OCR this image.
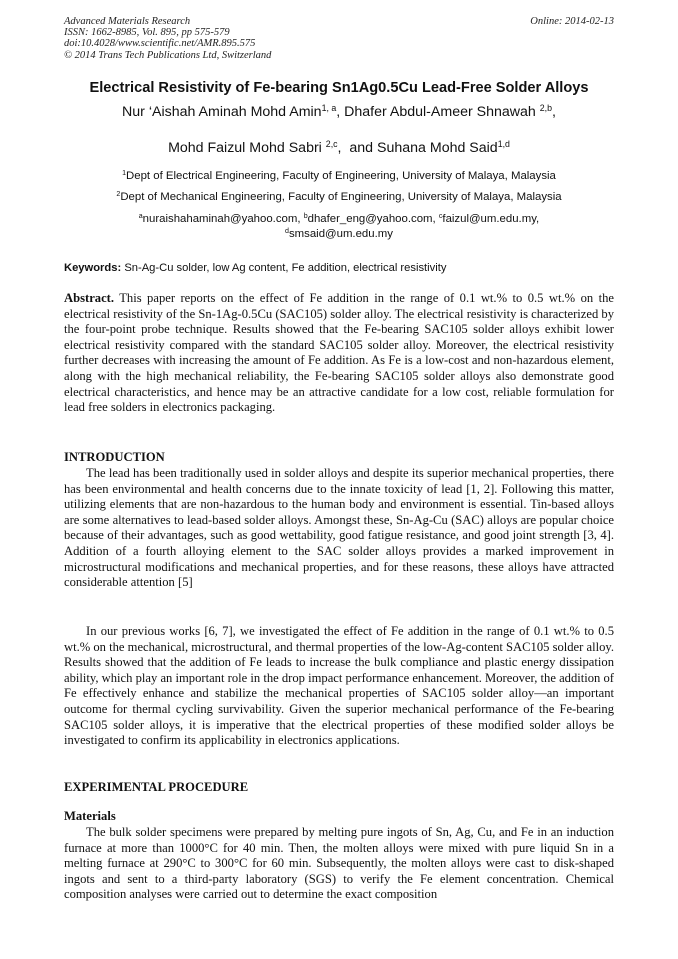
Advanced Materials Research
ISSN: 1662-8985, Vol. 895, pp 575-579
doi:10.4028/www.scientific.net/AMR.895.575
© 2014 Trans Tech Publications Ltd, Switzerland
Online: 2014-02-13
Electrical Resistivity of Fe-bearing Sn1Ag0.5Cu Lead-Free Solder Alloys
Nur ‘Aishah Aminah Mohd Amin$^{1, a}$, Dhafer Abdul-Ameer Shnawah $^{2,b}$,
Mohd Faizul Mohd Sabri $^{2,c}$, and Suhana Mohd Said$^{1,d}$
$^1$Dept of Electrical Engineering, Faculty of Engineering, University of Malaya, Malaysia
$^2$Dept of Mechanical Engineering, Faculty of Engineering, University of Malaya, Malaysia
$^a$nuraishahaminah@yahoo.com, $^b$dhafer_eng@yahoo.com, $^c$faizul@um.edu.my,
$^d$smsaid@um.edu.my
Keywords: Sn-Ag-Cu solder, low Ag content, Fe addition, electrical resistivity

Abstract. This paper reports on the effect of Fe addition in the range of 0.1 wt.% to 0.5 wt.% on the electrical resistivity of the Sn-1Ag-0.5Cu (SAC105) solder alloy. The electrical resistivity is characterized by the four-point probe technique. Results showed that the Fe-bearing SAC105 solder alloys exhibit lower electrical resistivity compared with the standard SAC105 solder alloy. Moreover, the electrical resistivity further decreases with increasing the amount of Fe addition. As Fe is a low-cost and non-hazardous element, along with the high mechanical reliability, the Fe-bearing SAC105 solder alloys also demonstrate good electrical characteristics, and hence may be an attractive candidate for a low cost, reliable formulation for lead free solders in electronics packaging.

INTRODUCTION

The lead has been traditionally used in solder alloys and despite its superior mechanical properties, there has been environmental and health concerns due to the innate toxicity of lead [1, 2]. Following this matter, utilizing elements that are non-hazardous to the human body and environment is essential. Tin-based alloys are some alternatives to lead-based solder alloys. Amongst these, Sn-Ag-Cu (SAC) alloys are popular choice because of their advantages, such as good wettability, good fatigue resistance, and good joint strength [3, 4]. Addition of a fourth alloying element to the SAC solder alloys provides a marked improvement in microstructural modifications and mechanical properties, and for these reasons, these alloys have attracted considerable attention [5]

In our previous works [6, 7], we investigated the effect of Fe addition in the range of 0.1 wt.% to 0.5 wt.% on the mechanical, microstructural, and thermal properties of the low-Ag-content SAC105 solder alloy. Results showed that the addition of Fe leads to increase the bulk compliance and plastic energy dissipation ability, which play an important role in the drop impact performance enhancement. Moreover, the addition of Fe effectively enhance and stabilize the mechanical properties of SAC105 solder alloy—an important outcome for thermal cycling survivability. Given the superior mechanical performance of the Fe-bearing SAC105 solder alloys, it is imperative that the electrical properties of these modified solder alloys be investigated to confirm its applicability in electronics applications.

EXPERIMENTAL PROCEDURE
Materials

The bulk solder specimens were prepared by melting pure ingots of Sn, Ag, Cu, and Fe in an induction furnace at more than 1000°C for 40 min. Then, the molten alloys were mixed with pure liquid Sn in a melting furnace at 290°C to 300°C for 60 min. Subsequently, the molten alloys were cast to disk-shaped ingots and sent to a third-party laboratory (SGS) to verify the Fe element concentration. Chemical composition analyses were carried out to determine the exact composition
